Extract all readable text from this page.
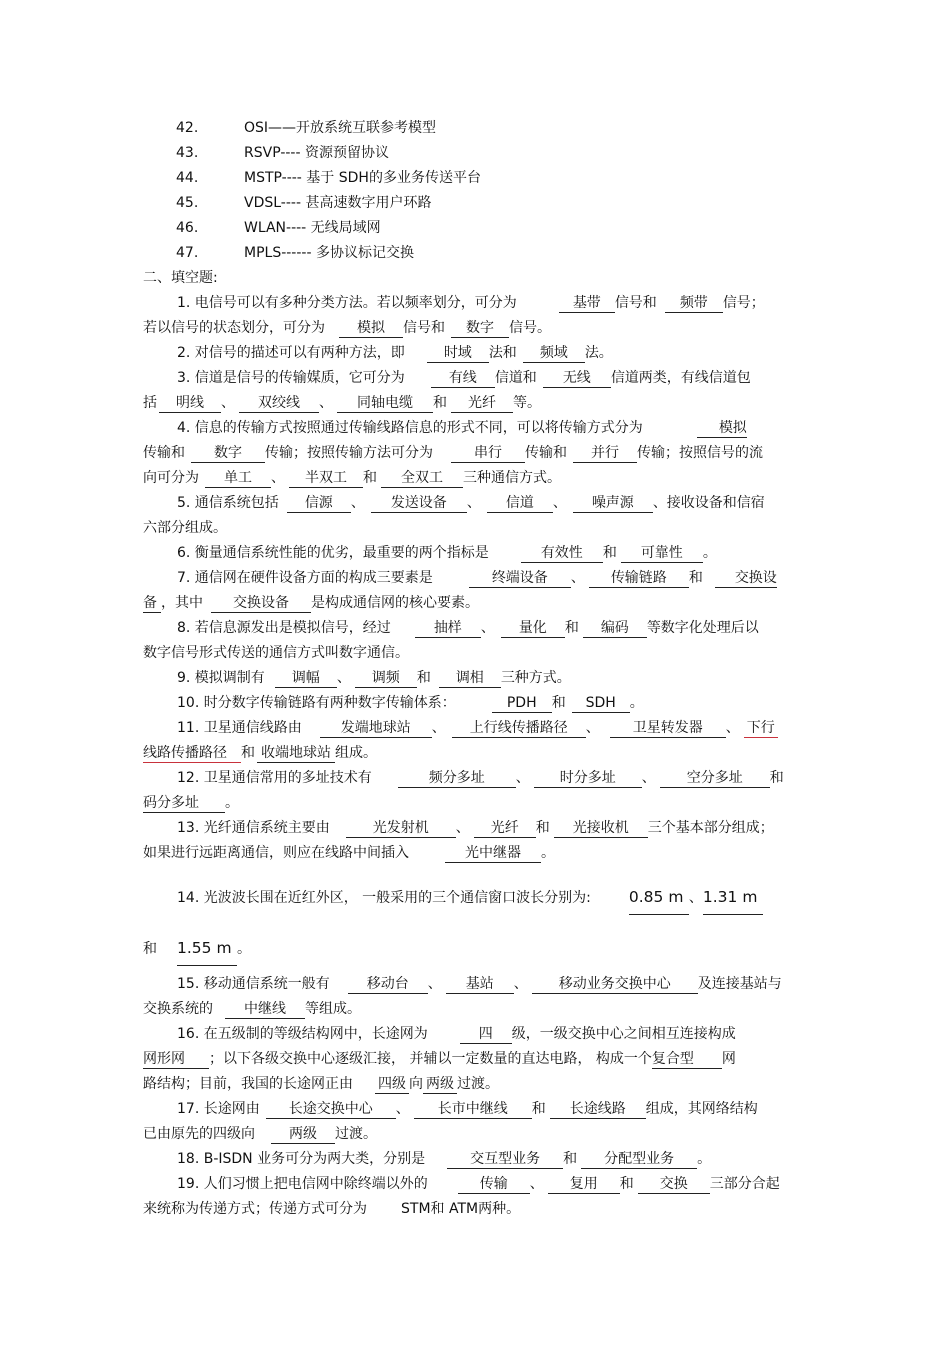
42.	OSI——开放系统互联参考模型
43.	RSVP---- 资源预留协议
44.	MSTP---- 基于 SDH的多业务传送平台
45.	VDSL---- 甚高速数字用户环路
46.	WLAN---- 无线局域网
47.	MPLS------ 多协议标记交换
二、填空题:
1. 电信号可以有多种分类方法。若以频率划分，可分为	基带 信号和 频带 信号；
若以信号的状态划分，可分为 模拟 信号和 数字 信号。
2. 对信号的描述可以有两种方法，即	时域 法和 频域 法。
3. 信道是信号的传输媒质，它可分为	有线 信道和 无线 信道两类，有线信道包
括 明线 、 双绞线 、 同轴电缆 和 光纤 等。
4. 信息的传输方式按照通过传输线路信息的形式不同，可以将传输方式分为	模拟
传输和 数字 传输；按照传输方法可分为	串行 传输和 并行 传输；按照信号的流
向可分为 单工 、 半双工 和 全双工 三种通信方式。
5. 通信系统包括 信源 、 发送设备 、 信道 、 噪声源 、接收设备和信宿
六部分组成。
6. 衡量通信系统性能的优劣，最重要的两个指标是	有效性 和 可靠性 。
7. 通信网在硬件设备方面的构成三要素是	终端设备 、 传输链路 和 交换设
备 ，其中 交换设备 是构成通信网的核心要素。
8. 若信息源发出是模拟信号，经过	抽样 、 量化 和 编码 等数字化处理后以
数字信号形式传送的通信方式叫数字通信。
9. 模拟调制有 调幅 、 调频 和 调相 三种方式。
10. 时分数字传输链路有两种数字传输体系：	PDH 和 SDH 。
11. 卫星通信线路由	发端地球站 、 上行线传播路径 、 卫星转发器 、 下行
线路传播路径 和 收端地球站 组成。
12. 卫星通信常用的多址技术有	频分多址 、 时分多址 、 空分多址 和
码分多址 。
13. 光纤通信系统主要由	光发射机 、 光纤 和 光接收机 三个基本部分组成；
如果进行远距离通信，则应在线路中间插入	光中继器 。
14. 光波波长围在近红外区， 一般采用的三个通信窗口波长分别为: 0.85 m 、1.31 m
和 1.55 m 。
15. 移动通信系统一般有	移动台 、 基站 、 移动业务交换中心 及连接基站与
交换系统的 中继线 等组成。
16. 在五级制的等级结构网中，长途网为	四 级，一级交换中心之间相互连接构成
网形网 ；以下各级交换中心逐级汇接， 并辅以一定数量的直达电路， 构成一个复合型 网
路结构；目前，我国的长途网正由 四级 向 两级 过渡。
17. 长途网由 长途交换中心 、 长市中继线 和 长途线路 组成，其网络结构
已由原先的四级向 两级 过渡。
18. B-ISDN 业务可分为两大类，分别是	交互型业务 和 分配型业务 。
19. 人们习惯上把电信网中除终端以外的	传输 、 复用 和 交换 三部分合起
来统称为传递方式；传递方式可分为 STM和 ATM两种。
